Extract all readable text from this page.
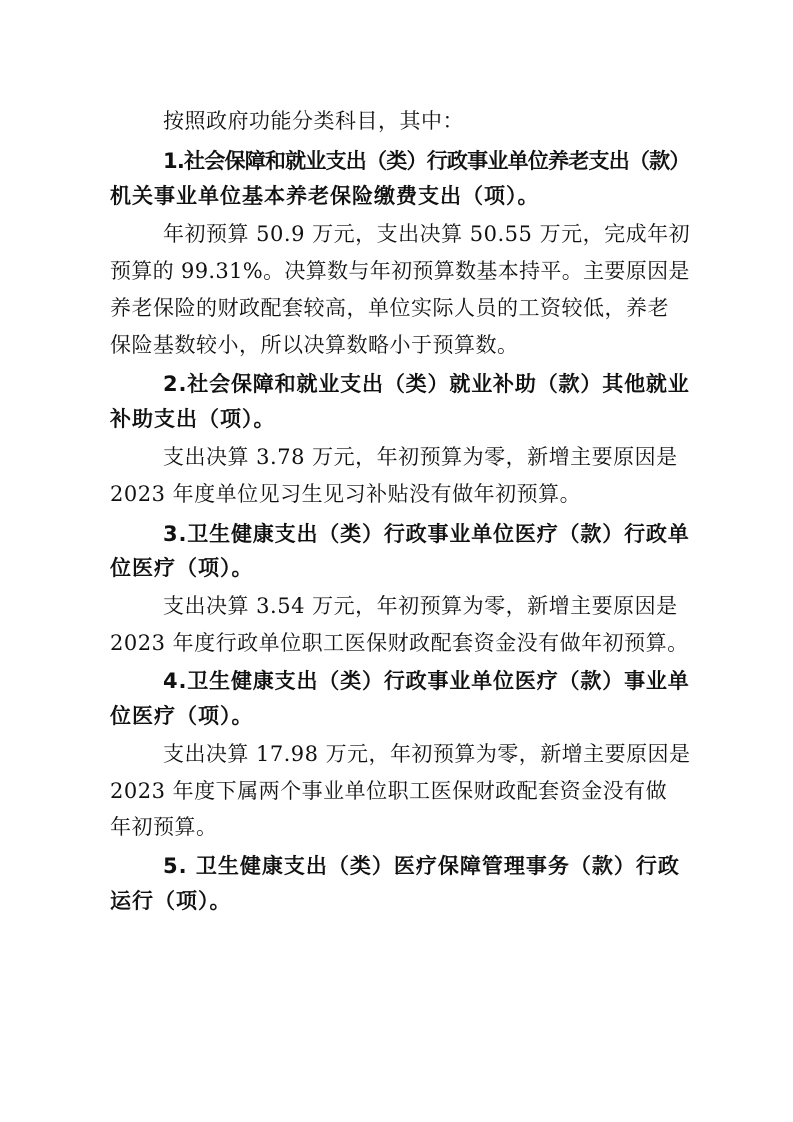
按照政府功能分类科目，其中：
1.社会保障和就业支出（类）行政事业单位养老支出（款）
机关事业单位基本养老保险缴费支出（项）。
年初预算 50.9 万元，支出决算 50.55 万元，完成年初
预算的 99.31%。决算数与年初预算数基本持平。主要原因是
养老保险的财政配套较高，单位实际人员的工资较低，养老
保险基数较小，所以决算数略小于预算数。
2.社会保障和就业支出（类）就业补助（款）其他就业
补助支出（项）。
支出决算 3.78 万元，年初预算为零，新增主要原因是
2023 年度单位见习生见习补贴没有做年初预算。
3.卫生健康支出（类）行政事业单位医疗（款）行政单
位医疗（项）。
支出决算 3.54 万元，年初预算为零，新增主要原因是
2023 年度行政单位职工医保财政配套资金没有做年初预算。
4.卫生健康支出（类）行政事业单位医疗（款）事业单
位医疗（项）。
支出决算 17.98 万元，年初预算为零，新增主要原因是
2023 年度下属两个事业单位职工医保财政配套资金没有做
年初预算。
5. 卫生健康支出（类）医疗保障管理事务（款）行政
运行（项）。
